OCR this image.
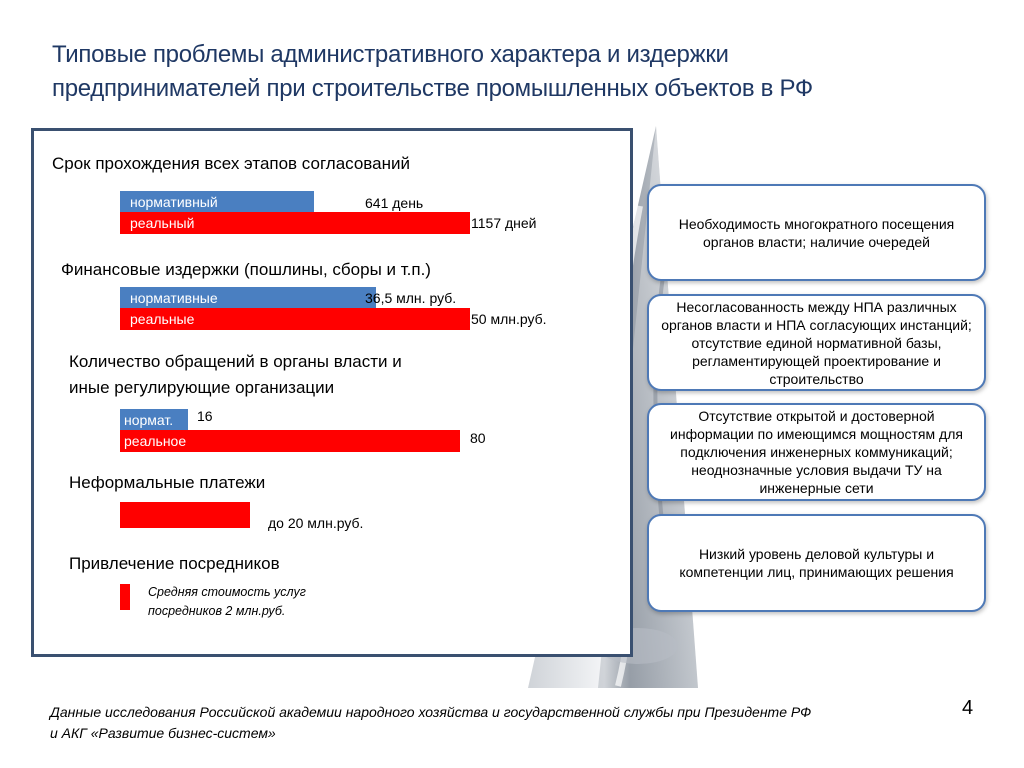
Типовые проблемы административного характера и издержки
предпринимателей при строительстве промышленных объектов в РФ
Срок прохождения всех этапов согласований
нормативный	641 день
реальный	1157 дней
Финансовые издержки (пошлины, сборы и т.п.)
нормативные	36,5 млн. руб.
реальные	50 млн.руб.
Количество обращений в органы власти и
иные регулирующие организации
нормат.	16
реальное	80
Неформальные платежи
до 20 млн.руб.
Привлечение посредников
Средняя стоимость услуг
посредников 2 млн.руб.
Необходимость многократного посещения органов власти; наличие очередей
Несогласованность между НПА различных органов власти и НПА согласующих инстанций; отсутствие единой нормативной базы, регламентирующей проектирование и строительство
Отсутствие открытой и достоверной информации по имеющимся мощностям для подключения инженерных коммуникаций; неоднозначные условия выдачи ТУ на инженерные сети
Низкий уровень деловой культуры и компетенции лиц, принимающих решения
Данные исследования Российской академии народного хозяйства и государственной службы при Президенте РФ
и АКГ «Развитие бизнес-систем»
4
